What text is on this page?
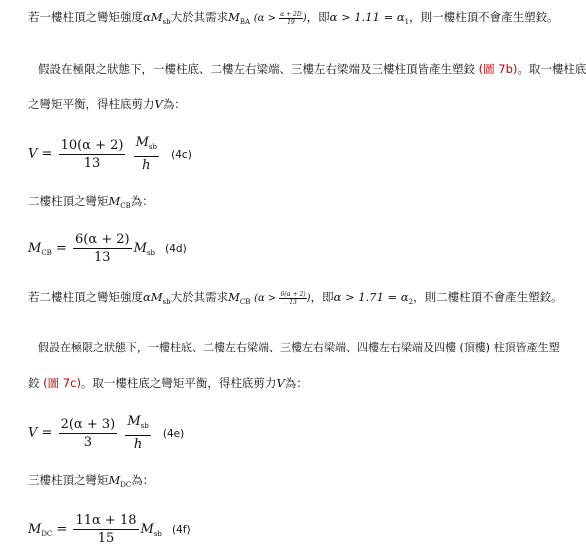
若一樓柱頂之彎矩強度$\alpha M_{sb}$大於其需求$M_{BA}$ ($\alpha > \frac{\alpha + 2D}{19}$ )，即$\alpha > 1.11 = \alpha_1$，則一樓柱頂不會產生塑鉸。
假設在極限之狀態下，一樓柱底、二樓左右梁端、三樓左右梁端及三樓柱頂皆產生塑鉸 (圖 7b)。取一樓柱底
之彎矩平衡，得柱底剪力V為：
$V = \frac{10(\alpha + 2)}{13}$
$\frac{M_{sb}}{h} (4c)$
二樓柱頂之彎矩$M_{CB}$為：
$M_{CB} = \frac{6(\alpha + 2)}{13} M_{sb}$ (4d)
若二樓柱頂之彎矩強度$\alpha M_{sb}$大於其需求$M_{CB}$ ($\alpha > \frac{6(\alpha + 2)}{13}$ )，即$\alpha > 1.71 = \alpha_2$，則二樓柱頂不會產生塑鉸。
假設在極限之狀態下，一樓柱底、二樓左右梁端、三樓左右梁端、四樓左右梁端及四樓 (頂樓) 柱頂皆產生塑
鉸 (圖 7c)。取一樓柱底之彎矩平衡，得柱底剪力V為：
$V = \frac{2(\alpha + 3)}{3}$
$\frac{M_{sb}}{h} (4e)$
三樓柱頂之彎矩$M_{DC}$為：
$M_{DC} = \frac{11\alpha + 18}{15} M_{sb}$ (4f)
